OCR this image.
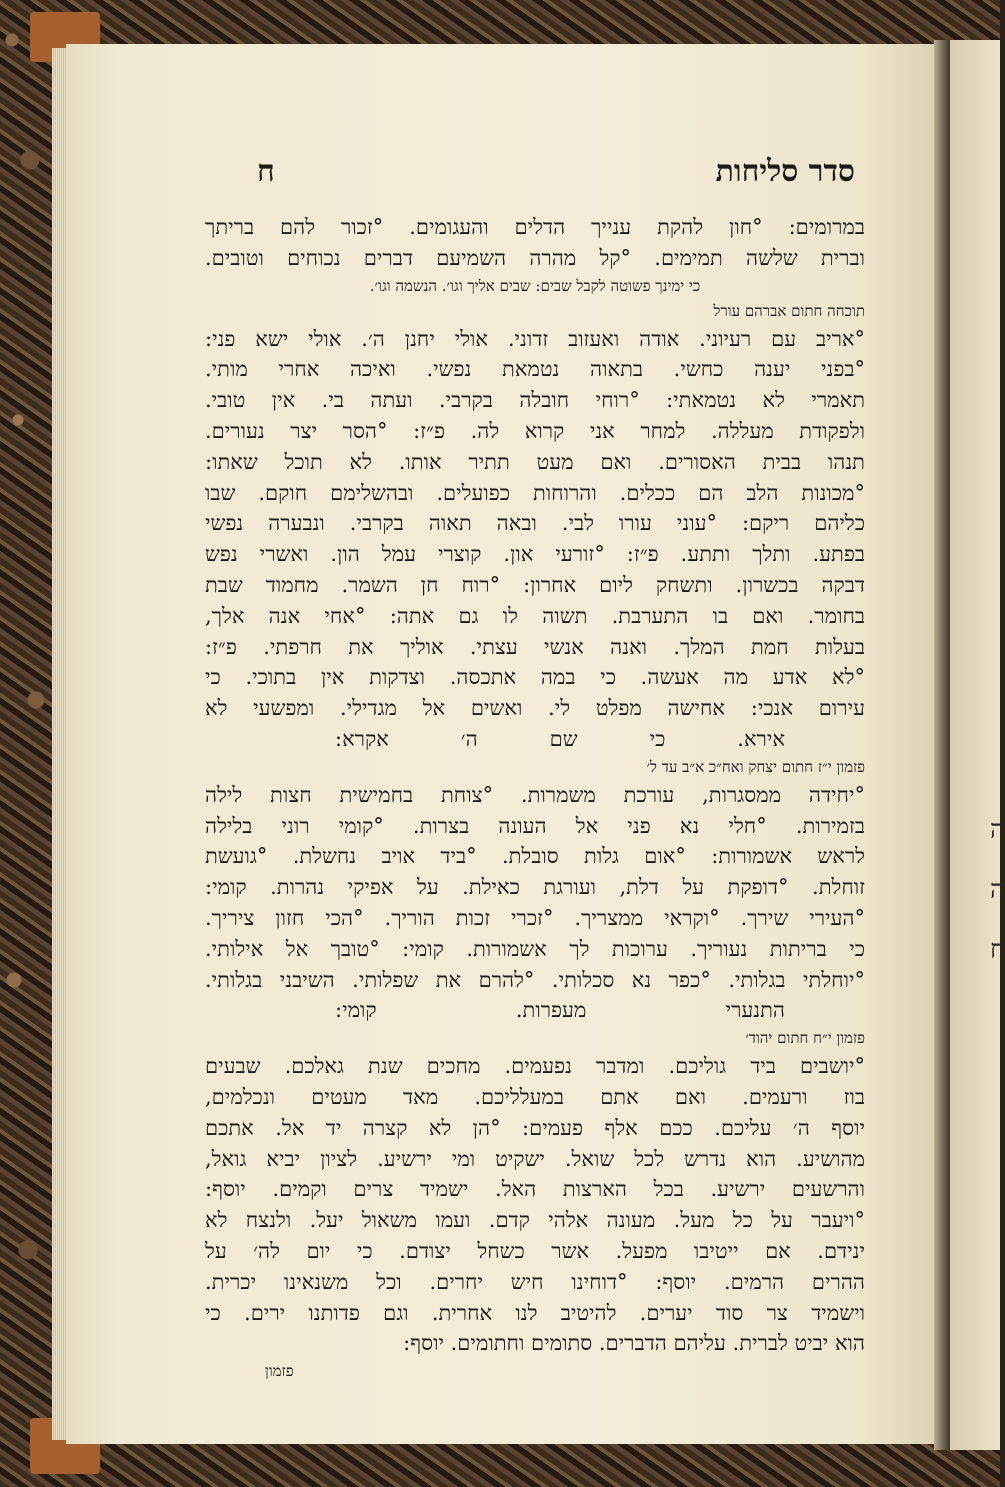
ה ה ח
סדר סליחות
ח
במרומים: °חון להקת ענייך הדלים והעגומים. °זכור להם בריתך
וברית שלשה תמימים. °קל מהרה השמיעם דברים נכוחים וטובים.
כי ימינך פשוטה לקבל שבים: שבים אליך וגו׳. הנשמה וגו׳.
תוכחה חתום אברהם עורל
°אריב עם רעיוני. אודה ואעזוב זדוני. אולי יחנן ה׳. אולי ישא פני:
°בפני יענה כחשי. בתאוה נטמאת נפשי. ואיכה אחרי מותי.
תאמרי לא נטמאתי: °רוחי חובלה בקרבי. ועתה בי. אין טובי.
ולפקודת מעללה. למחר אני קרוא לה. פ״ז: °הסר יצר נעורים.
תנהו בבית האסורים. ואם מעט תתיר אותו. לא תוכל שאתו:
°מכונות הלב הם ככלים. והרוחות כפועלים. ובהשלימם חוקם. שבו
כליהם ריקם: °עוני עורו לבי. ובאה תאוה בקרבי. ונבערה נפשי
בפתע. ותלך ותתע. פ״ז: °זורעי און. קוצרי עמל הון. ואשרי נפש
דבקה בכשרון. ותשחק ליום אחרון: °רוח חן השמר. מחמוד שבת
בחומר. ואם בו התערבת. תשוה לו גם אתה: °אחי אנה אלך,
בעלות חמת המלך. ואנה אנשי עצתי. אוליך את חרפתי. פ״ז:
°לא אדע מה אעשה. כי במה אתכסה. וצדקות אין בתוכי. כי
עירום אנכי: אחישה מפלט לי. ואשים אל מגדילי. ומפשעי לא
אירא. כי שם ה׳ אקרא:
פזמון י״ז חתום יצחק ואח״כ א״ב עד ל׳
°יחידה ממסגרות, עורכת משמרות. °צוחת בחמישית חצות לילה
בזמירות. °חלי נא פני אל העונה בצרות. °קומי רוני בלילה
לראש אשמורות: °אום גלות סובלת. °ביד אויב נחשלת. °גועשת
זוחלת. °דופקת על דלת, ועורגת כאילת. על אפיקי נהרות. קומי:
°העירי שירך. °וקראי ממצריך. °זכרי זכות הוריך. °הכי חזון ציריך.
כי בריתות נעוריך. ערוכות לך אשמורות. קומי: °טובך אל אילותי.
°יוחלתי בגלותי. °כפר נא סכלותי. °להרם את שפלותי. השיבני בגלותי.
התנערי מעפרות. קומי:
פזמון י״ח חתום יהוד׳
°יושבים ביד גוליכם. ומדבר נפעמים. מחכים שנת גאלכם. שבעים
בוז ורעמים. ואם אתם במעלליכם. מאד מעטים ונכלמים,
יוסף ה׳ עליכם. ככם אלף פעמים: °הן לא קצרה יד אל. אתכם
מהושיע. הוא נדרש לכל שואל. ישקיט ומי ירשיע. לציון יביא גואל,
והרשעים ירשיע. בכל הארצות האל. ישמיד צרים וקמים. יוסף:
°ויעבר על כל מעל. מעונה אלהי קדם. ועמו משאול יעל. ולנצח לא
ינידם. אם ייטיבו מפעל. אשר כשחל יצודם. כי יום לה׳ על
ההרים הרמים. יוסף: °דוחינו חיש יחרים. וכל משנאינו יכרית.
וישמיד צר סוד יערים. להיטיב לנו אחרית. וגם פדותנו ירים. כי
הוא יביט לברית. עליהם הדברים. סתומים וחתומים. יוסף:
פזמון
